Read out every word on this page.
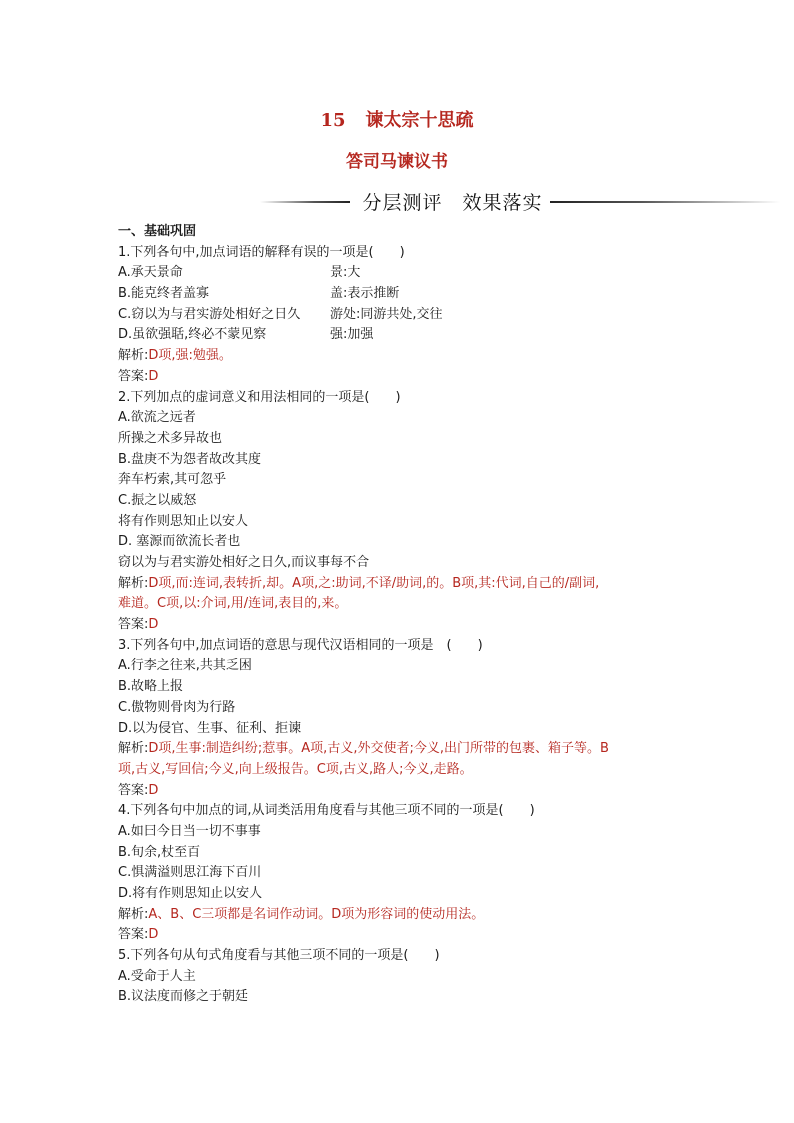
15 谏太宗十思疏
答司马谏议书
分层测评　效果落实
一、基础巩固
1.下列各句中,加点词语的解释有误的一项是(　　)
A.承天景命	景:大
B.能克终者盖寡	盖:表示推断
C.窃以为与君实游处相好之日久 游处:同游共处,交往
D.虽欲强聒,终必不蒙见察	强:加强
解析:D项,强:勉强。
答案:D
2.下列加点的虚词意义和用法相同的一项是(　　)
A.欲流之远者
所操之术多异故也
B.盘庚不为怨者故改其度
奔车朽索,其可忽乎
C.振之以威怒
将有作则思知止以安人
D. 塞源而欲流长者也
窃以为与君实游处相好之日久,而议事每不合
解析:D项,而:连词,表转折,却。A项,之:助词,不译/助词,的。B项,其:代词,自己的/副词,
难道。C项,以:介词,用/连词,表目的,来。
答案:D
3.下列各句中,加点词语的意思与现代汉语相同的一项是　(　　)
A.行李之往来,共其乏困
B.故略上报
C.傲物则骨肉为行路
D.以为侵官、生事、征利、拒谏
解析:D项,生事:制造纠纷;惹事。A项,古义,外交使者;今义,出门所带的包裹、箱子等。B
项,古义,写回信;今义,向上级报告。C项,古义,路人;今义,走路。
答案:D
4.下列各句中加点的词,从词类活用角度看与其他三项不同的一项是(　　)
A.如曰今日当一切不事事
B.旬余,杖至百
C.惧满溢则思江海下百川
D.将有作则思知止以安人
解析:A、B、C三项都是名词作动词。D项为形容词的使动用法。
答案:D
5.下列各句从句式角度看与其他三项不同的一项是(　　)
A.受命于人主
B.议法度而修之于朝廷
